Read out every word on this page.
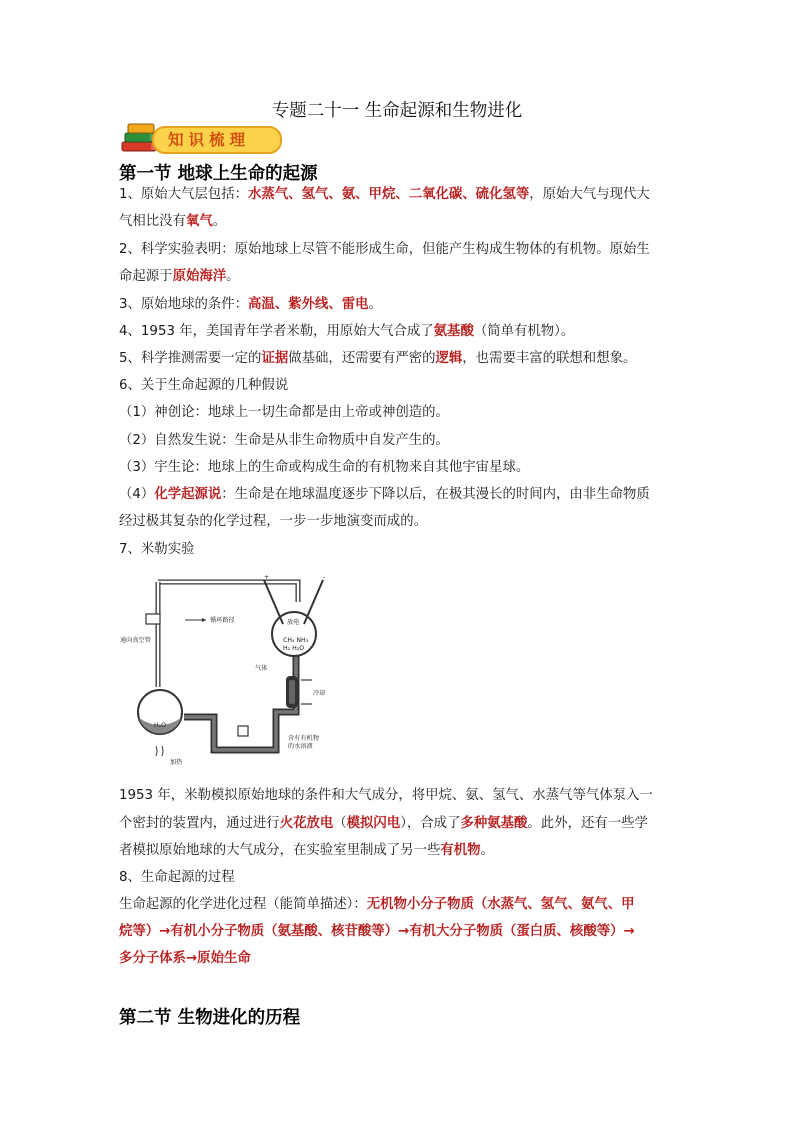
专题二十一 生命起源和生物进化
知识梳理
第一节 地球上生命的起源
1、原始大气层包括：水蒸气、氢气、氨、甲烷、二氧化碳、硫化氢等，原始大气与现代大
气相比没有氧气。
2、科学实验表明：原始地球上尽管不能形成生命，但能产生构成生物体的有机物。原始生
命起源于原始海洋。
3、原始地球的条件：高温、紫外线、雷电。
4、1953 年，美国青年学者米勒，用原始大气合成了氨基酸（简单有机物）。
5、科学推测需要一定的证据做基础，还需要有严密的逻辑，也需要丰富的联想和想象。
6、关于生命起源的几种假说
（1）神创论：地球上一切生命都是由上帝或神创造的。
（2）自然发生说：生命是从非生命物质中自发产生的。
（3）宇生论：地球上的生命或构成生命的有机物来自其他宇宙星球。
（4）化学起源说：生命是在地球温度逐步下降以后，在极其漫长的时间内，由非生命物质
经过极其复杂的化学过程，一步一步地演变而成的。
7、米勒实验
+	-
循环路径
通向真空管
放电
CH₄ NH₃
H₂ H₂O
气体
冷却
H₂O
加热
含有有机物
的水溶液
1953 年，米勒模拟原始地球的条件和大气成分，将甲烷、氨、氢气、水蒸气等气体泵入一
个密封的装置内，通过进行火花放电（模拟闪电），合成了多种氨基酸。此外，还有一些学
者模拟原始地球的大气成分，在实验室里制成了另一些有机物。
8、生命起源的过程
生命起源的化学进化过程（能简单描述）：无机物小分子物质（水蒸气、氢气、氨气、甲
烷等）→有机小分子物质（氨基酸、核苷酸等）→有机大分子物质（蛋白质、核酸等）→
多分子体系→原始生命
第二节 生物进化的历程
